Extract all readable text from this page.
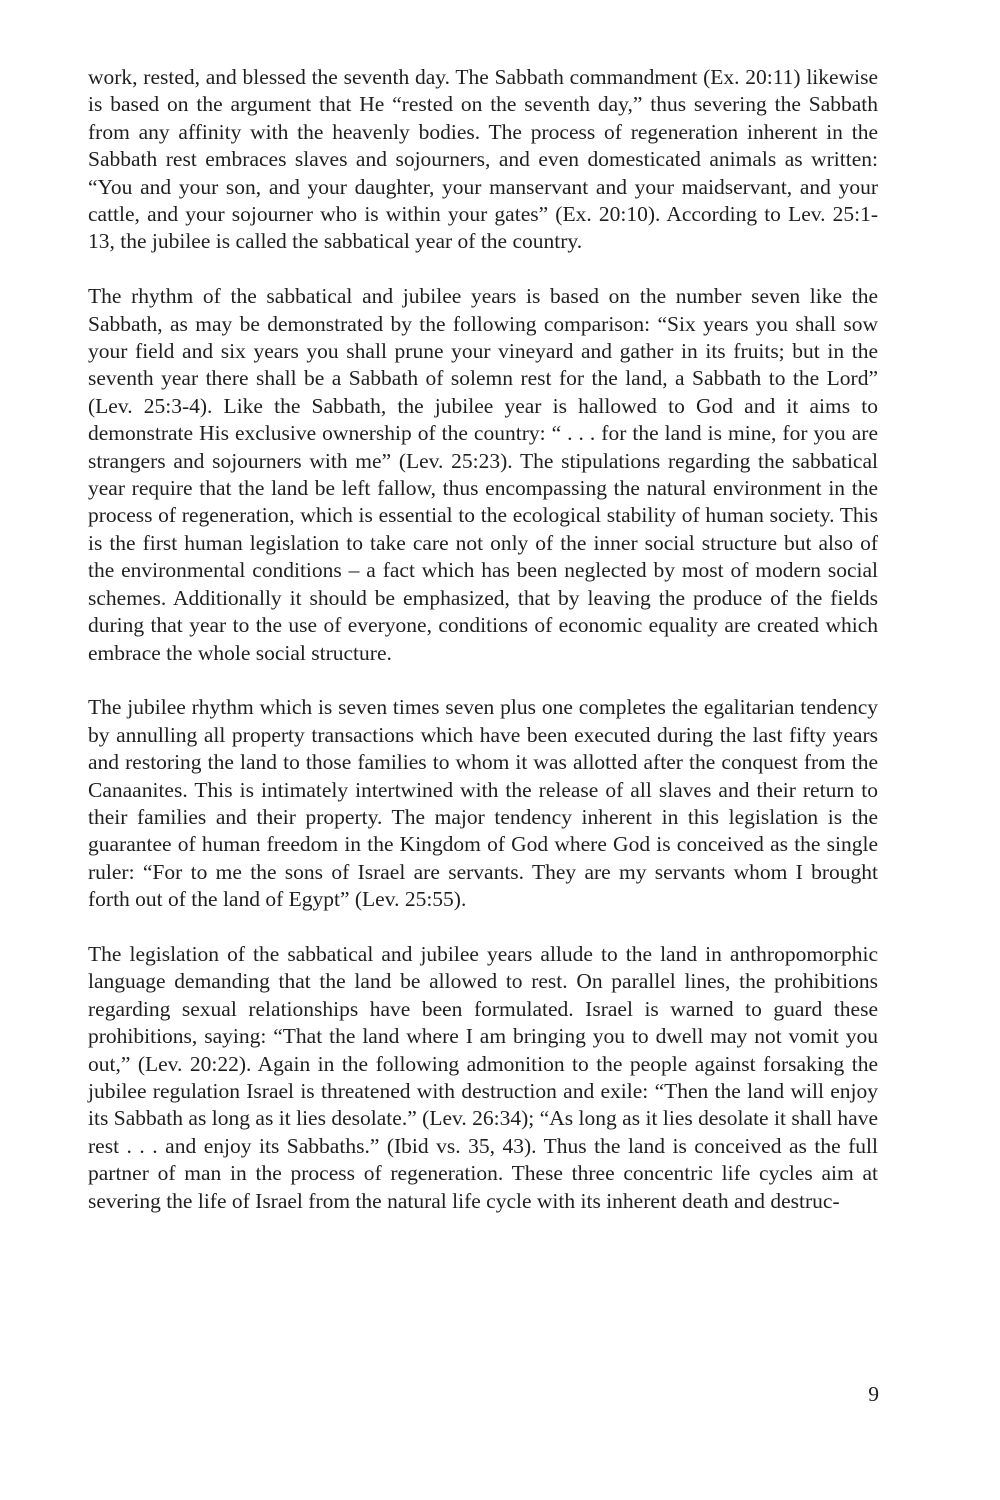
work, rested, and blessed the seventh day. The Sabbath commandment (Ex. 20:11) likewise is based on the argument that He “rested on the seventh day,” thus severing the Sabbath from any affinity with the heavenly bodies. The process of regeneration inherent in the Sabbath rest embraces slaves and sojourners, and even domesticated animals as written: “You and your son, and your daughter, your manservant and your maidservant, and your cattle, and your sojourner who is within your gates” (Ex. 20:10). According to Lev. 25:1-13, the jubilee is called the sabbatical year of the country.

The rhythm of the sabbatical and jubilee years is based on the number seven like the Sabbath, as may be demonstrated by the following comparison: “Six years you shall sow your field and six years you shall prune your vineyard and gather in its fruits; but in the seventh year there shall be a Sabbath of solemn rest for the land, a Sabbath to the Lord” (Lev. 25:3-4). Like the Sabbath, the jubilee year is hallowed to God and it aims to demonstrate His exclusive ownership of the country: “ . . . for the land is mine, for you are strangers and sojourners with me” (Lev. 25:23). The stipulations regarding the sabbatical year require that the land be left fallow, thus encompassing the natural environment in the process of regeneration, which is essential to the ecological stability of human society. This is the first human legislation to take care not only of the inner social structure but also of the environmental conditions – a fact which has been neglected by most of modern social schemes. Additionally it should be emphasized, that by leaving the produce of the fields during that year to the use of everyone, conditions of economic equality are created which embrace the whole social structure.

The jubilee rhythm which is seven times seven plus one completes the egalitarian tendency by annulling all property transactions which have been executed during the last fifty years and restoring the land to those families to whom it was allotted after the conquest from the Canaanites. This is intimately intertwined with the release of all slaves and their return to their families and their property. The major tendency inherent in this legislation is the guarantee of human freedom in the Kingdom of God where God is conceived as the single ruler: “For to me the sons of Israel are servants. They are my servants whom I brought forth out of the land of Egypt” (Lev. 25:55).

The legislation of the sabbatical and jubilee years allude to the land in anthropomorphic language demanding that the land be allowed to rest. On parallel lines, the prohibitions regarding sexual relationships have been formulated. Israel is warned to guard these prohibitions, saying: “That the land where I am bringing you to dwell may not vomit you out,” (Lev. 20:22). Again in the following admonition to the people against forsaking the jubilee regulation Israel is threatened with destruction and exile: “Then the land will enjoy its Sabbath as long as it lies desolate.” (Lev. 26:34); “As long as it lies desolate it shall have rest . . . and enjoy its Sabbaths.” (Ibid vs. 35, 43). Thus the land is conceived as the full partner of man in the process of regeneration. These three concentric life cycles aim at severing the life of Israel from the natural life cycle with its inherent death and destruc-

9
